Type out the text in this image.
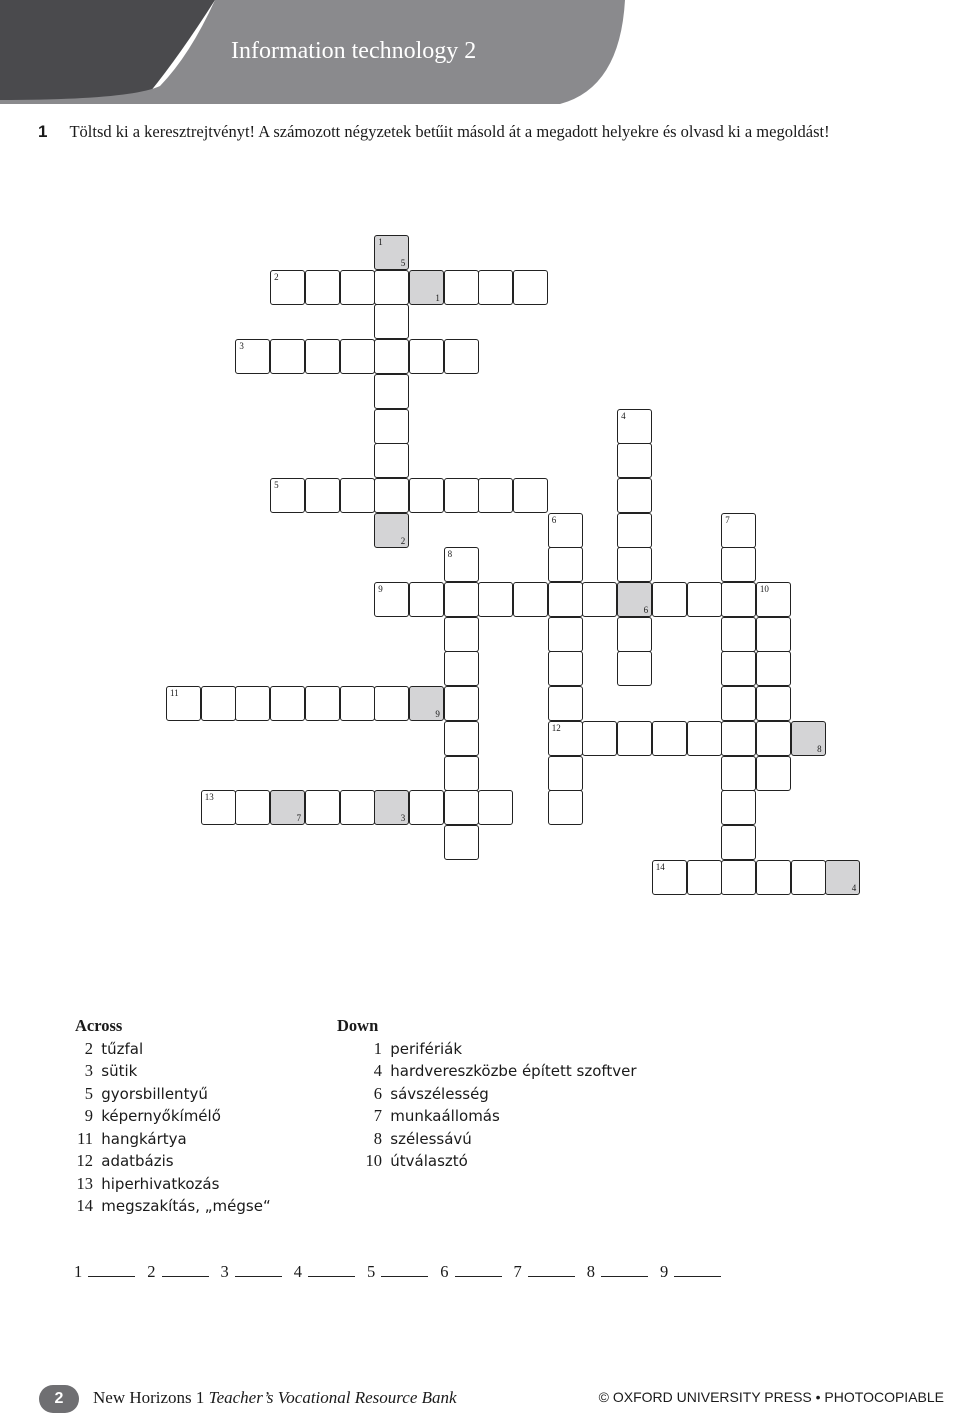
Information technology 2
1 Töltsd ki a keresztrejtvényt! A számozott négyzetek betűit másold át a megadott helyekre és olvasd ki a megoldást!
1
5
2
1
3
4
6
5
6
12
7
8
9	10
11
9
8
13
7	3
14
4
2
Across
2 tűzfal
3 sütik
5 gyorsbillentyű
9 képernyőkímélő
11 hangkártya
12 adatbázis
13 hiperhivatkozás
14 megszakítás, „mégse“
Down
1 perifériák
4 hardvereszközbe épített szoftver
6 sávszélesség
7 munkaállomás
8 szélessávú
10 útválasztó
1	2	3	4	5	6	7	8	9
2	New Horizons 1 Teacher’s Vocational Resource Bank	© OXFORD UNIVERSITY PRESS • PHOTOCOPIABLE
